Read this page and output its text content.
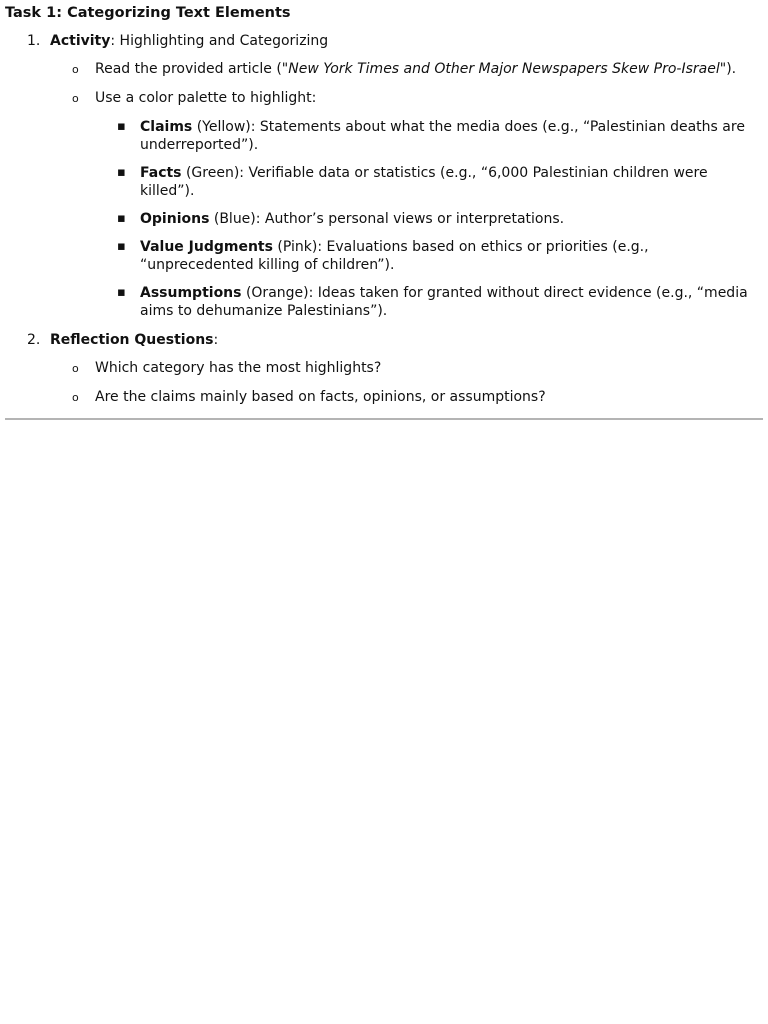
Task 1: Categorizing Text Elements
1. Activity: Highlighting and Categorizing
o Read the provided article ("New York Times and Other Major Newspapers Skew Pro-Israel").
o Use a color palette to highlight:
▪ Claims (Yellow): Statements about what the media does (e.g., “Palestinian deaths are underreported”).
▪ Facts (Green): Verifiable data or statistics (e.g., “6,000 Palestinian children were killed”).
▪ Opinions (Blue): Author’s personal views or interpretations.
▪ Value Judgments (Pink): Evaluations based on ethics or priorities (e.g., “unprecedented killing of children”).
▪ Assumptions (Orange): Ideas taken for granted without direct evidence (e.g., “media aims to dehumanize Palestinians”).
2. Reflection Questions:
o Which category has the most highlights?
o Are the claims mainly based on facts, opinions, or assumptions?
